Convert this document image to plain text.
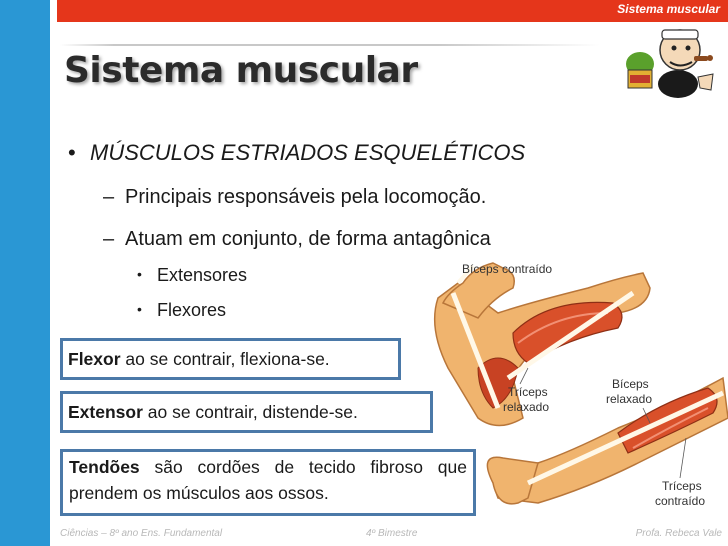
Sistema muscular
Sistema muscular
• MÚSCULOS ESTRIADOS ESQUELÉTICOS
– Principais responsáveis pela locomoção.
– Atuam em conjunto, de forma antagônica
• Extensores
• Flexores
Bíceps contraído
Tríceps
relaxado
Bíceps
relaxado
Tríceps
contraído
Flexor ao se contrair, flexiona-se.
Extensor ao se contrair, distende-se.
Tendões são cordões de tecido fibroso que prendem os músculos aos ossos.
Ciências – 8º ano Ens. Fundamental	4º Bimestre	Profa. Rebeca Vale
